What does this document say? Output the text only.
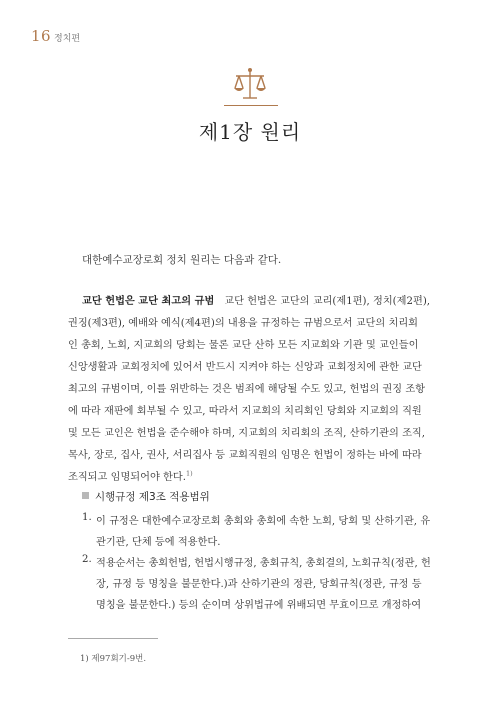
16 정치편
제1장 원리
대한예수교장로회 정치 원리는 다음과 같다.
교단 헌법은 교단 최고의 규범 교단 헌법은 교단의 교리(제1편), 정치(제2편),
권징(제3편), 예배와 예식(제4편)의 내용을 규정하는 규범으로서 교단의 치리회
인 총회, 노회, 지교회의 당회는 물론 교단 산하 모든 지교회와 기관 및 교인들이
신앙생활과 교회정치에 있어서 반드시 지켜야 하는 신앙과 교회정치에 관한 교단
최고의 규범이며, 이를 위반하는 것은 범죄에 해당될 수도 있고, 헌법의 권징 조항
에 따라 재판에 회부될 수 있고, 따라서 지교회의 치리회인 당회와 지교회의 직원
및 모든 교인은 헌법을 준수해야 하며, 지교회의 치리회의 조직, 산하기관의 조직,
목사, 장로, 집사, 권사, 서리집사 등 교회직원의 임명은 헌법이 정하는 바에 따라
조직되고 임명되어야 한다.$^{1)}$
시행규정 제3조 적용범위
1. 이 규정은 대한예수교장로회 총회와 총회에 속한 노회, 당회 및 산하기관, 유
관기관, 단체 등에 적용한다.
2. 적용순서는 총회헌법, 헌법시행규정, 총회규칙, 총회결의, 노회규칙(정관, 헌
장, 규정 등 명칭을 불문한다.)과 산하기관의 정관, 당회규칙(정관, 규정 등
명칭을 불문한다.) 등의 순이며 상위법규에 위배되면 무효이므로 개정하여
1) 제97회기-9번.
